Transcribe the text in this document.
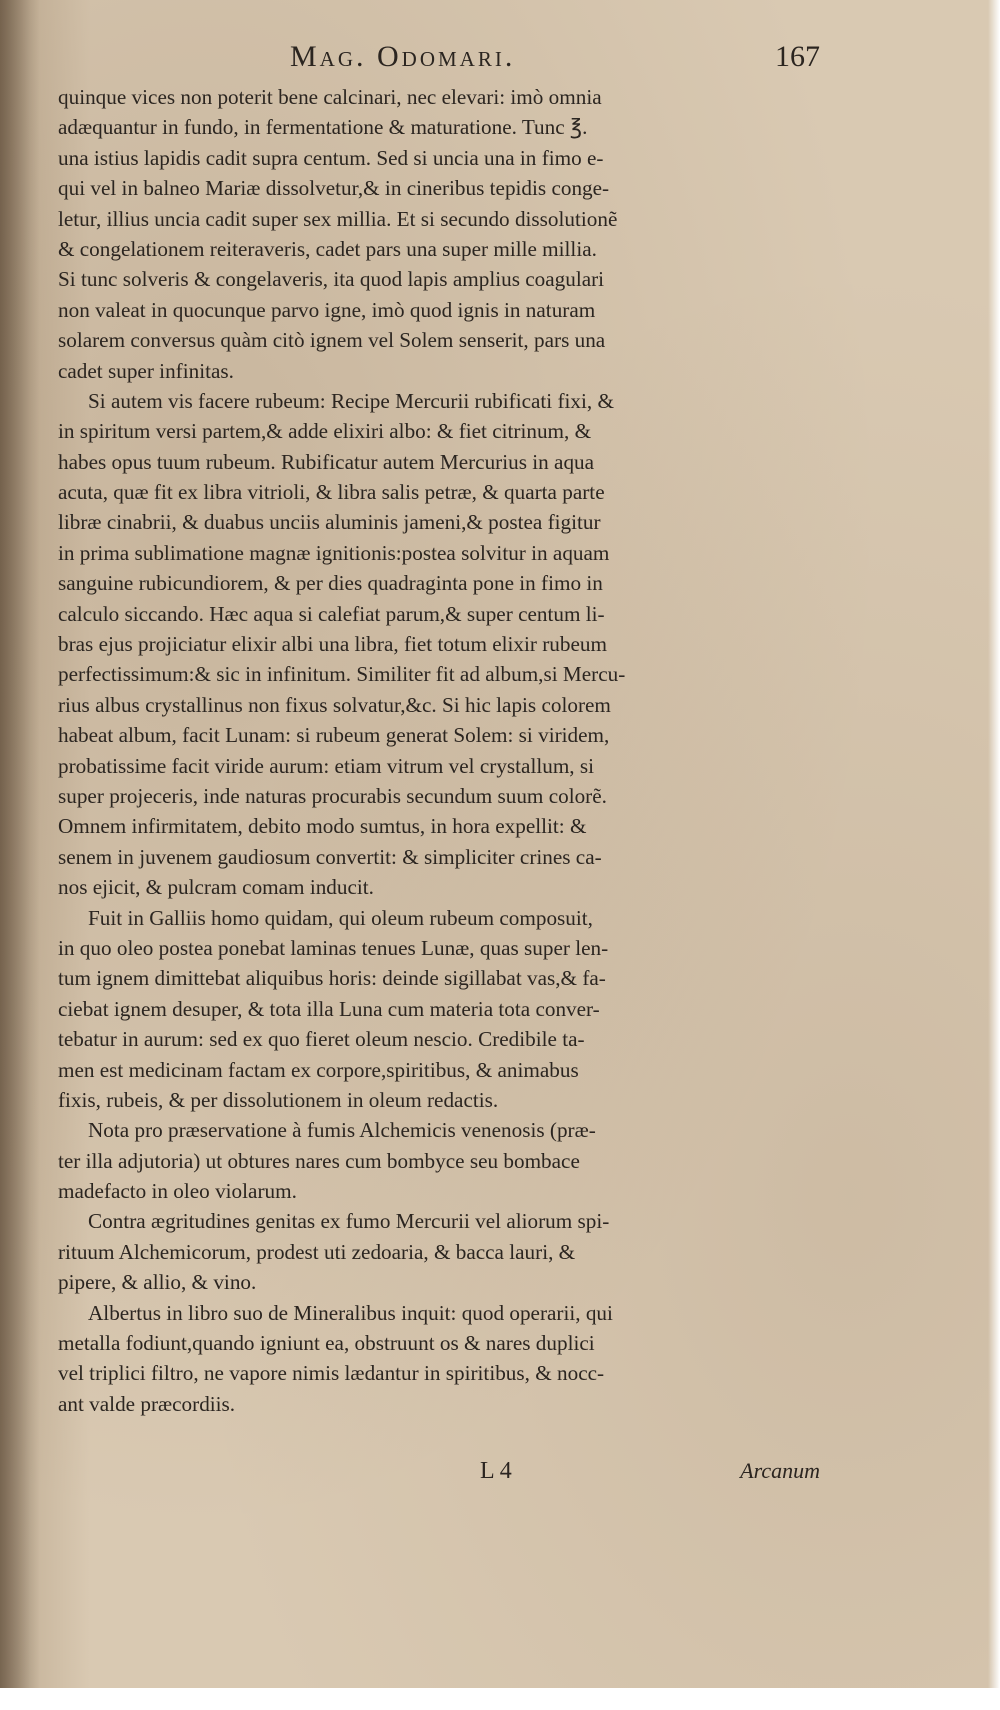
Mag. Odomari.	167
quinque vices non poterit bene calcinari, nec elevari: imò omnia
adæquantur in fundo, in fermentatione & maturatione. Tunc ℥.
una istius lapidis cadit supra centum. Sed si uncia una in fimo e-
qui vel in balneo Mariæ dissolvetur,& in cineribus tepidis conge-
letur, illius uncia cadit super sex millia. Et si secundo dissolutionẽ
& congelationem reiteraveris, cadet pars una super mille millia.
Si tunc solveris & congelaveris, ita quod lapis amplius coagulari
non valeat in quocunque parvo igne, imò quod ignis in naturam
solarem conversus quàm citò ignem vel Solem senserit, pars una
cadet super infinitas.
Si autem vis facere rubeum: Recipe Mercurii rubificati fixi, &
in spiritum versi partem,& adde elixiri albo: & fiet citrinum, &
habes opus tuum rubeum. Rubificatur autem Mercurius in aqua
acuta, quæ fit ex libra vitrioli, & libra salis petræ, & quarta parte
libræ cinabrii, & duabus unciis aluminis jameni,& postea figitur
in prima sublimatione magnæ ignitionis:postea solvitur in aquam
sanguine rubicundiorem, & per dies quadraginta pone in fimo in
calculo siccando. Hæc aqua si calefiat parum,& super centum li-
bras ejus projiciatur elixir albi una libra, fiet totum elixir rubeum
perfectissimum:& sic in infinitum. Similiter fit ad album,si Mercu-
rius albus crystallinus non fixus solvatur,&c. Si hic lapis colorem
habeat album, facit Lunam: si rubeum generat Solem: si viridem,
probatissime facit viride aurum: etiam vitrum vel crystallum, si
super projeceris, inde naturas procurabis secundum suum colorẽ.
Omnem infirmitatem, debito modo sumtus, in hora expellit: &
senem in juvenem gaudiosum convertit: & simpliciter crines ca-
nos ejicit, & pulcram comam inducit.
Fuit in Galliis homo quidam, qui oleum rubeum composuit,
in quo oleo postea ponebat laminas tenues Lunæ, quas super len-
tum ignem dimittebat aliquibus horis: deinde sigillabat vas,& fa-
ciebat ignem desuper, & tota illa Luna cum materia tota conver-
tebatur in aurum: sed ex quo fieret oleum nescio. Credibile ta-
men est medicinam factam ex corpore,spiritibus, & animabus
fixis, rubeis, & per dissolutionem in oleum redactis.
Nota pro præservatione à fumis Alchemicis venenosis (præ-
ter illa adjutoria) ut obtures nares cum bombyce seu bombace
madefacto in oleo violarum.
Contra ægritudines genitas ex fumo Mercurii vel aliorum spi-
rituum Alchemicorum, prodest uti zedoaria, & bacca lauri, &
pipere, & allio, & vino.
Albertus in libro suo de Mineralibus inquit: quod operarii, qui
metalla fodiunt,quando igniunt ea, obstruunt os & nares duplici
vel triplici filtro, ne vapore nimis lædantur in spiritibus, & nocc-
ant valde præcordiis.
L 4	Arcanum
